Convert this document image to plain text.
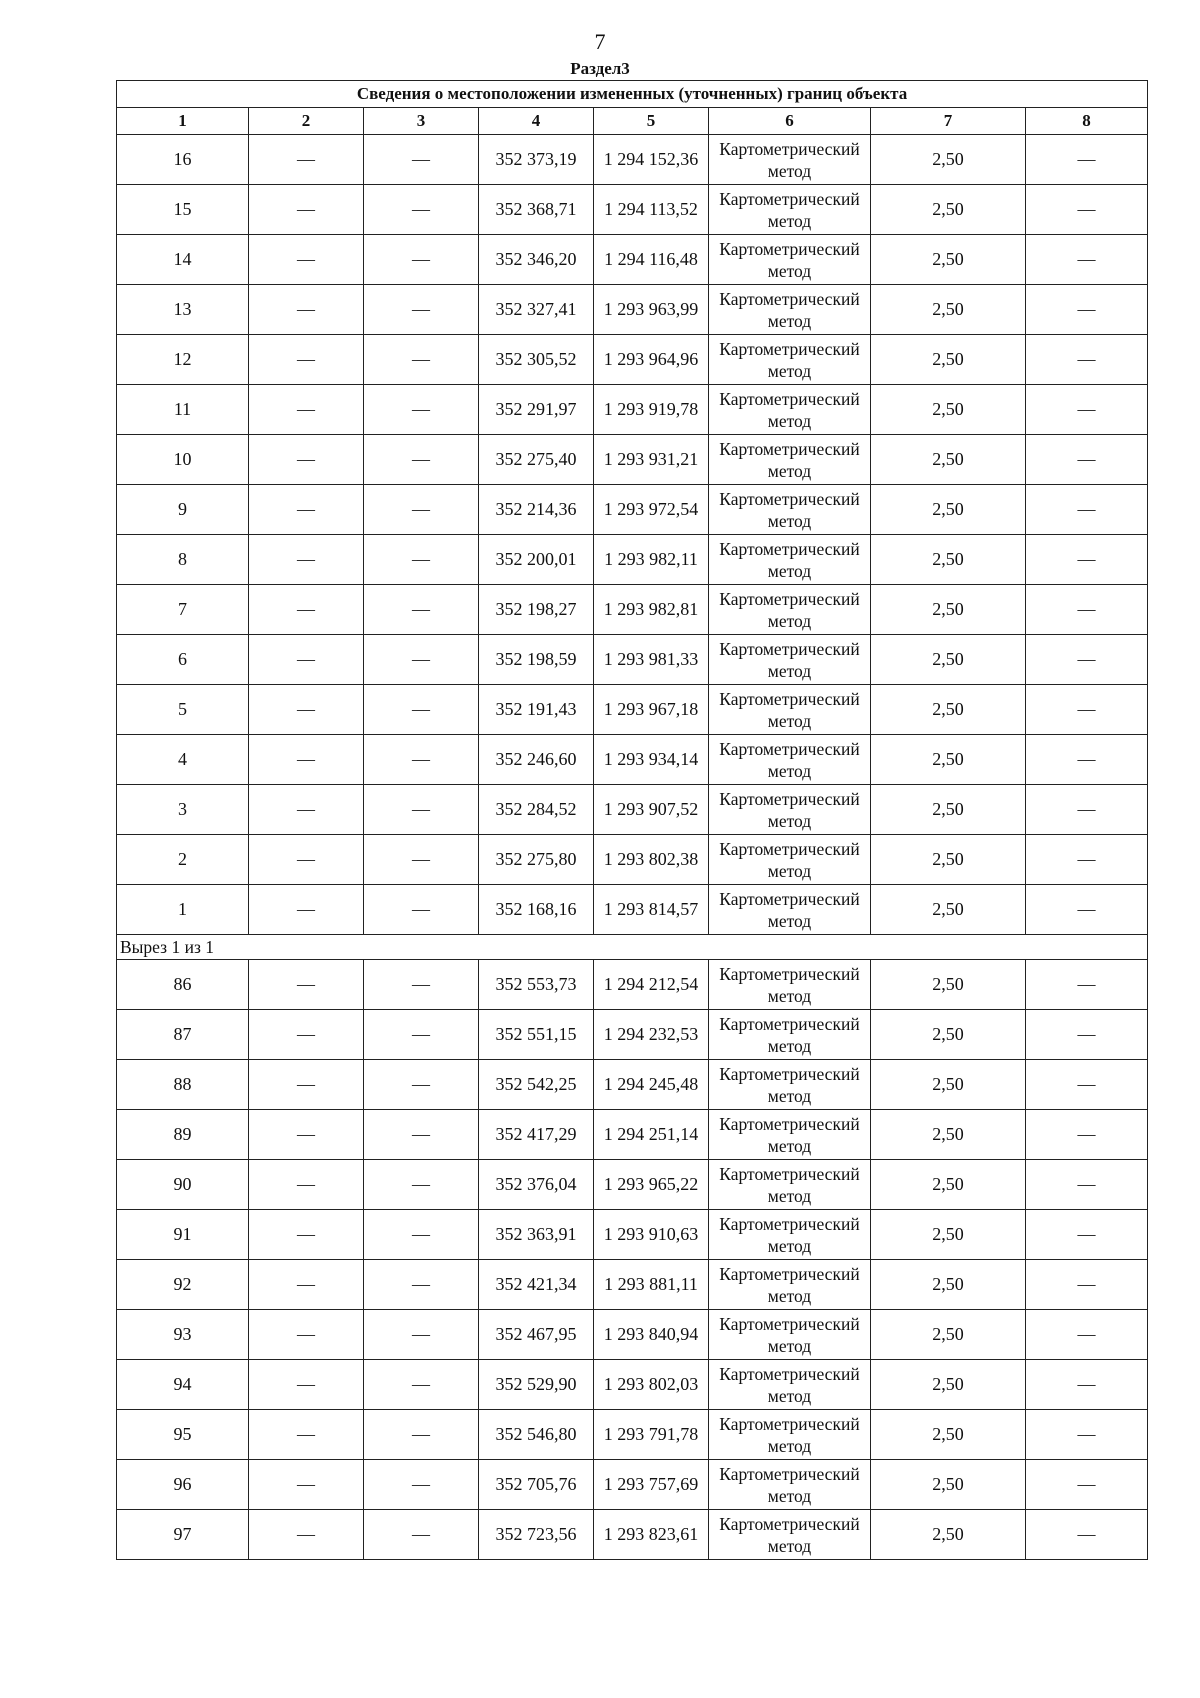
7
Раздел3
Сведения о местоположении измененных (уточненных) границ объекта							
1	2	3	4	5	6	7	8
16	—	—	352 373,19	1 294 152,36	Картометрический метод	2,50	—
15	—	—	352 368,71	1 294 113,52	Картометрический метод	2,50	—
14	—	—	352 346,20	1 294 116,48	Картометрический метод	2,50	—
13	—	—	352 327,41	1 293 963,99	Картометрический метод	2,50	—
12	—	—	352 305,52	1 293 964,96	Картометрический метод	2,50	—
11	—	—	352 291,97	1 293 919,78	Картометрический метод	2,50	—
10	—	—	352 275,40	1 293 931,21	Картометрический метод	2,50	—
9	—	—	352 214,36	1 293 972,54	Картометрический метод	2,50	—
8	—	—	352 200,01	1 293 982,11	Картометрический метод	2,50	—
7	—	—	352 198,27	1 293 982,81	Картометрический метод	2,50	—
6	—	—	352 198,59	1 293 981,33	Картометрический метод	2,50	—
5	—	—	352 191,43	1 293 967,18	Картометрический метод	2,50	—
4	—	—	352 246,60	1 293 934,14	Картометрический метод	2,50	—
3	—	—	352 284,52	1 293 907,52	Картометрический метод	2,50	—
2	—	—	352 275,80	1 293 802,38	Картометрический метод	2,50	—
1	—	—	352 168,16	1 293 814,57	Картометрический метод	2,50	—
Вырез 1 из 1							
86	—	—	352 553,73	1 294 212,54	Картометрический метод	2,50	—
87	—	—	352 551,15	1 294 232,53	Картометрический метод	2,50	—
88	—	—	352 542,25	1 294 245,48	Картометрический метод	2,50	—
89	—	—	352 417,29	1 294 251,14	Картометрический метод	2,50	—
90	—	—	352 376,04	1 293 965,22	Картометрический метод	2,50	—
91	—	—	352 363,91	1 293 910,63	Картометрический метод	2,50	—
92	—	—	352 421,34	1 293 881,11	Картометрический метод	2,50	—
93	—	—	352 467,95	1 293 840,94	Картометрический метод	2,50	—
94	—	—	352 529,90	1 293 802,03	Картометрический метод	2,50	—
95	—	—	352 546,80	1 293 791,78	Картометрический метод	2,50	—
96	—	—	352 705,76	1 293 757,69	Картометрический метод	2,50	—
97	—	—	352 723,56	1 293 823,61	Картометрический метод	2,50	—
